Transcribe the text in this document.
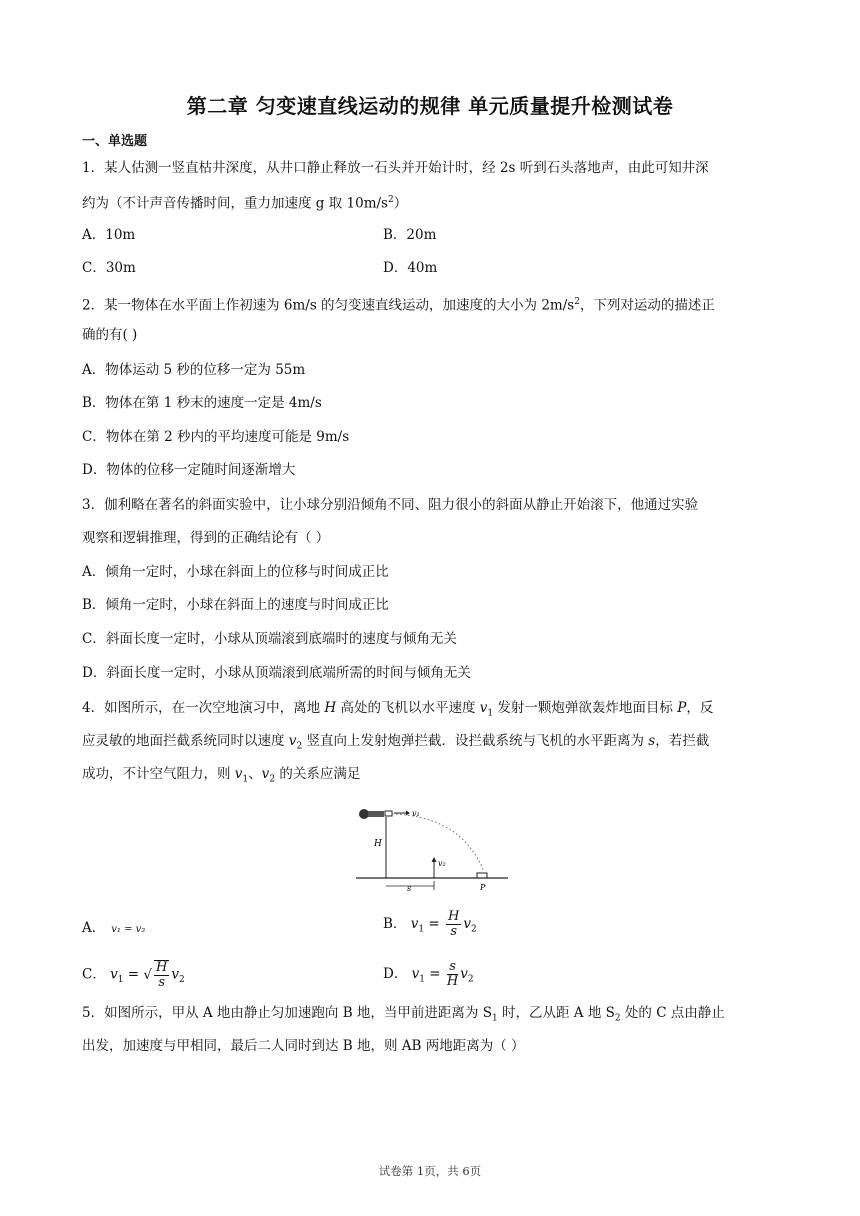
第二章 匀变速直线运动的规律 单元质量提升检测试卷
一、单选题
1．某人估测一竖直枯井深度，从井口静止释放一石头并开始计时，经 2s 听到石头落地声，由此可知井深
约为（不计声音传播时间，重力加速度 g 取 $10m/s^2$）
A．10m	B．20m
C．30m	D．40m
2．某一物体在水平面上作初速为 6m/s 的匀变速直线运动，加速度的大小为 $2m/s^2$，下列对运动的描述正
确的有( )
A．物体运动 5 秒的位移一定为 55m
B．物体在第 1 秒末的速度一定是 4m/s
C．物体在第 2 秒内的平均速度可能是 9m/s
D．物体的位移一定随时间逐渐增大
3．伽利略在著名的斜面实验中，让小球分别沿倾角不同、阻力很小的斜面从静止开始滚下，他通过实验
观察和逻辑推理，得到的正确结论有（ ）
A．倾角一定时，小球在斜面上的位移与时间成正比
B．倾角一定时，小球在斜面上的速度与时间成正比
C．斜面长度一定时，小球从顶端滚到底端时的速度与倾角无关
D．斜面长度一定时，小球从顶端滚到底端所需的时间与倾角无关
4．如图所示，在一次空地演习中，离地 H 高处的飞机以水平速度 $v_1$ 发射一颗炮弹欲轰炸地面目标 P，反
应灵敏的地面拦截系统同时以速度 $v_2$ 竖直向上发射炮弹拦截．设拦截系统与飞机的水平距离为 s，若拦截
成功，不计空气阻力，则 $v_1$、$v_2$ 的关系应满足
v₁
H
v₂
s	P
A． v₁ = v₂	B． $v_1 = \frac{H}{s} v_2$
C． $v_1$ = √ $\frac{H}{s} v_2$	D． $v_1 = \frac{s}{H} v_2$
5．如图所示，甲从 A 地由静止匀加速跑向 B 地，当甲前进距离为 $S_1$ 时，乙从距 A 地 $S_2$ 处的 C 点由静止
出发，加速度与甲相同，最后二人同时到达 B 地，则 AB 两地距离为（ ）
试卷第 1页，共 6页
